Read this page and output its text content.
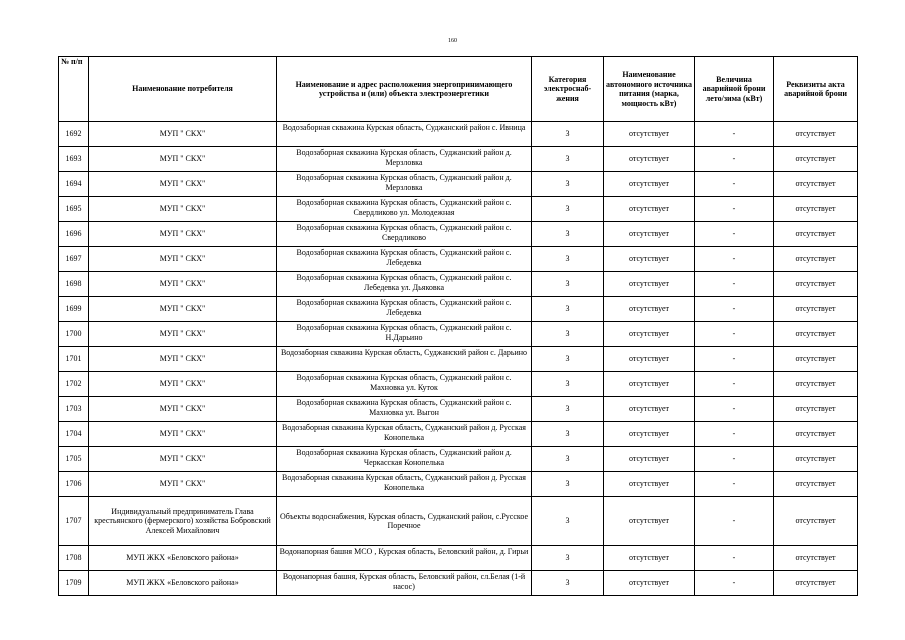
160
№ п/п	Наименование потребителя	Наименование и адрес расположения энергопринимающего устройства и (или) объекта электроэнергетики	Категория электроснаб-жения	Наименование автономного источника питания (марка, мощность кВт)	Величина аварийной брони лето/зима (кВт)	Реквизиты акта аварийной брони
1692	МУП " СКХ"	Водозаборная скважина Курская область, Суджанский район с. Ивница	3	отсутствует	-	отсутствует
1693	МУП " СКХ"	Водозаборная скважина Курская область, Суджанский район д. Мерзловка	3	отсутствует	-	отсутствует
1694	МУП " СКХ"	Водозаборная скважина Курская область, Суджанский район д. Мерзловка	3	отсутствует	-	отсутствует
1695	МУП " СКХ"	Водозаборная скважина Курская область, Суджанский район с. Свердликово ул. Молодежная	3	отсутствует	-	отсутствует
1696	МУП " СКХ"	Водозаборная скважина Курская область, Суджанский район с. Свердликово	3	отсутствует	-	отсутствует
1697	МУП " СКХ"	Водозаборная скважина Курская область, Суджанский район с. Лебедевка	3	отсутствует	-	отсутствует
1698	МУП " СКХ"	Водозаборная скважина Курская область, Суджанский район с. Лебедевка ул. Дьяковка	3	отсутствует	-	отсутствует
1699	МУП " СКХ"	Водозаборная скважина Курская область, Суджанский район с. Лебедевка	3	отсутствует	-	отсутствует
1700	МУП " СКХ"	Водозаборная скважина Курская область, Суджанский район с. Н.Дарьино	3	отсутствует	-	отсутствует
1701	МУП " СКХ"	Водозаборная скважина Курская область, Суджанский район с. Дарьино	3	отсутствует	-	отсутствует
1702	МУП " СКХ"	Водозаборная скважина Курская область, Суджанский район с. Махновка ул. Куток	3	отсутствует	-	отсутствует
1703	МУП " СКХ"	Водозаборная скважина Курская область, Суджанский район с. Махновка ул. Выгон	3	отсутствует	-	отсутствует
1704	МУП " СКХ"	Водозаборная скважина Курская область, Суджанский район д. Русская Конопелька	3	отсутствует	-	отсутствует
1705	МУП " СКХ"	Водозаборная скважина Курская область, Суджанский район д. Черкасская Конопелька	3	отсутствует	-	отсутствует
1706	МУП " СКХ"	Водозаборная скважина Курская область, Суджанский район д. Русская Конопелька	3	отсутствует	-	отсутствует
1707	Индивидуальный предприниматель Глава крестьянского (фермерского) хозяйства Бобровский Алексей Михайлович	Объекты водоснабжения, Курская область, Суджанский район, с.Русское Поречное	3	отсутствует	-	отсутствует
1708	МУП ЖКХ «Беловского района»	Водонапорная башня МСО , Курская область, Беловский район, д. Гирьи	3	отсутствует	-	отсутствует
1709	МУП ЖКХ «Беловского района»	Водонапорная башня, Курская область, Беловский район, сл.Белая (1-й насос)	3	отсутствует	-	отсутствует
